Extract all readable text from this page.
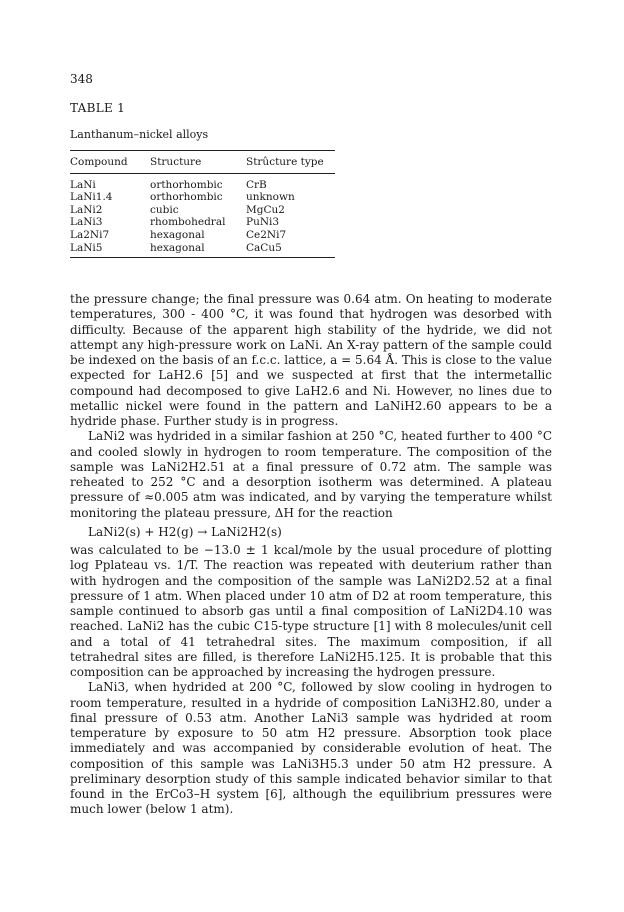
348
TABLE 1
Lanthanum–nickel alloys
Compound	Structure	Strûcture type
LaNi	orthorhombic	CrB
LaNi1.4	orthorhombic	unknown
LaNi2	cubic	MgCu2
LaNi3	rhombohedral	PuNi3
La2Ni7	hexagonal	Ce2Ni7
LaNi5	hexagonal	CaCu5

the pressure change; the final pressure was 0.64 atm. On heating to moderate temperatures, 300 - 400 °C, it was found that hydrogen was desorbed with difficulty. Because of the apparent high stability of the hydride, we did not attempt any high-pressure work on LaNi. An X-ray pattern of the sample could be indexed on the basis of an f.c.c. lattice, a = 5.64 Å. This is close to the value expected for LaH2.6 [5] and we suspected at first that the intermetallic compound had decomposed to give LaH2.6 and Ni. However, no lines due to metallic nickel were found in the pattern and LaNiH2.60 appears to be a hydride phase. Further study is in progress.

LaNi2 was hydrided in a similar fashion at 250 °C, heated further to 400 °C and cooled slowly in hydrogen to room temperature. The composition of the sample was LaNi2H2.51 at a final pressure of 0.72 atm. The sample was reheated to 252 °C and a desorption isotherm was determined. A plateau pressure of ≈0.005 atm was indicated, and by varying the temperature whilst monitoring the plateau pressure, ΔH for the reaction

LaNi2(s) + H2(g) → LaNi2H2(s)

was calculated to be −13.0 ± 1 kcal/mole by the usual procedure of plotting log Pplateau vs. 1/T. The reaction was repeated with deuterium rather than with hydrogen and the composition of the sample was LaNi2D2.52 at a final pressure of 1 atm. When placed under 10 atm of D2 at room temperature, this sample continued to absorb gas until a final composition of LaNi2D4.10 was reached. LaNi2 has the cubic C15-type structure [1] with 8 molecules/unit cell and a total of 41 tetrahedral sites. The maximum composition, if all tetrahedral sites are filled, is therefore LaNi2H5.125. It is probable that this composition can be approached by increasing the hydrogen pressure.

LaNi3, when hydrided at 200 °C, followed by slow cooling in hydrogen to room temperature, resulted in a hydride of composition LaNi3H2.80, under a final pressure of 0.53 atm. Another LaNi3 sample was hydrided at room temperature by exposure to 50 atm H2 pressure. Absorption took place immediately and was accompanied by considerable evolution of heat. The composition of this sample was LaNi3H5.3 under 50 atm H2 pressure. A preliminary desorption study of this sample indicated behavior similar to that found in the ErCo3–H system [6], although the equilibrium pressures were much lower (below 1 atm).
